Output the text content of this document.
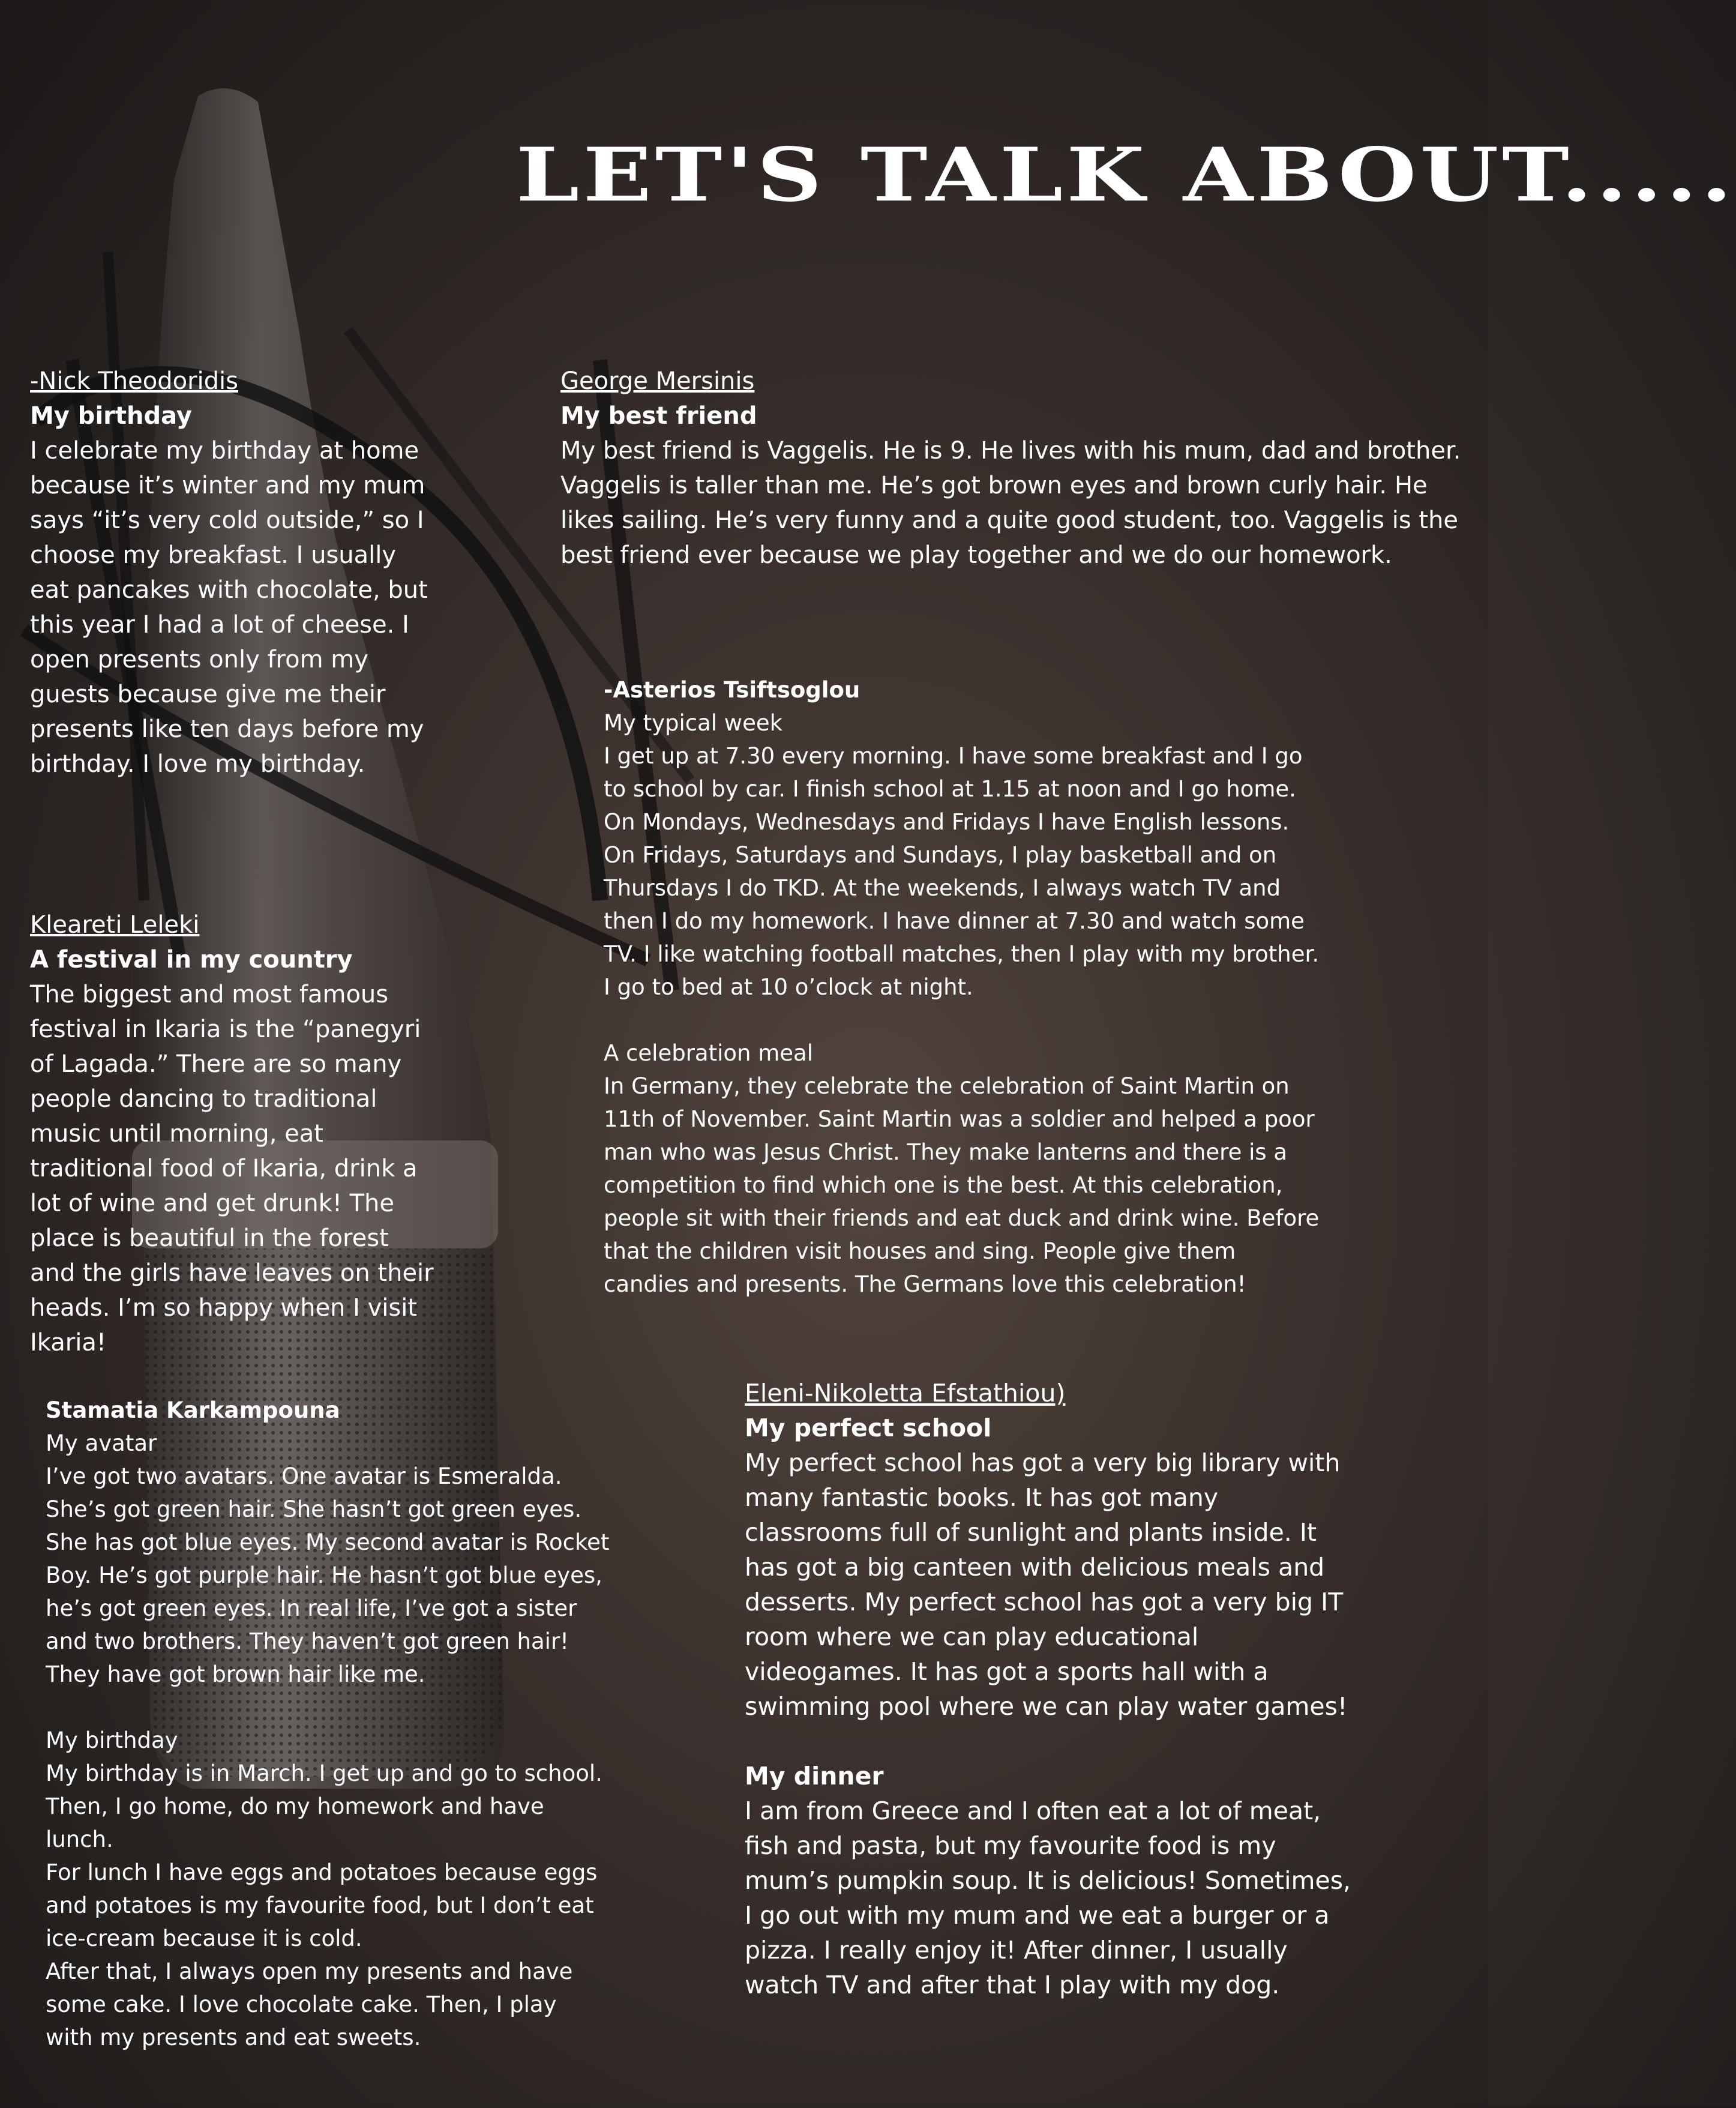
LET'S TALK ABOUT.....
-Nick Theodoridis
My birthday
I celebrate my birthday at home because it’s winter and my mum says “it’s very cold outside,” so I choose my breakfast. I usually eat pancakes with chocolate, but this year I had a lot of cheese. I open presents only from my guests because give me their presents like ten days before my birthday. I love my birthday.
George Mersinis
My best friend
My best friend is Vaggelis. He is 9. He lives with his mum, dad and brother. Vaggelis is taller than me. He’s got brown eyes and brown curly hair. He likes sailing. He’s very funny and a quite good student, too. Vaggelis is the best friend ever because we play together and we do our homework.
Kleareti Leleki
A festival in my country
The biggest and most famous festival in Ikaria is the “panegyri of Lagada.” There are so many people dancing to traditional music until morning, eat traditional food of Ikaria, drink a lot of wine and get drunk! The place is beautiful in the forest and the girls have leaves on their heads. I’m so happy when I visit Ikaria!
-Asterios Tsiftsoglou
My typical week
I get up at 7.30 every morning. I have some breakfast and I go to school by car. I finish school at 1.15 at noon and I go home. On Mondays, Wednesdays and Fridays I have English lessons. On Fridays, Saturdays and Sundays, I play basketball and on Thursdays I do TKD. At the weekends, I always watch TV and then I do my homework. I have dinner at 7.30 and watch some TV. I like watching football matches, then I play with my brother. I go to bed at 10 o’clock at night.
A celebration meal
In Germany, they celebrate the celebration of Saint Martin on 11th of November. Saint Martin was a soldier and helped a poor man who was Jesus Christ. They make lanterns and there is a competition to find which one is the best. At this celebration, people sit with their friends and eat duck and drink wine. Before that the children visit houses and sing. People give them candies and presents. The Germans love this celebration!
Stamatia Karkampouna
My avatar
I’ve got two avatars. One avatar is Esmeralda. She’s got green hair. She hasn’t got green eyes. She has got blue eyes. My second avatar is Rocket Boy. He’s got purple hair. He hasn’t got blue eyes, he’s got green eyes. In real life, I’ve got a sister and two brothers. They haven’t got green hair! They have got brown hair like me.
My birthday
My birthday is in March. I get up and go to school. Then, I go home, do my homework and have lunch.
For lunch I have eggs and potatoes because eggs and potatoes is my favourite food, but I don’t eat ice-cream because it is cold.
After that, I always open my presents and have some cake. I love chocolate cake. Then, I play with my presents and eat sweets.
Eleni-Nikoletta Efstathiou)
My perfect school
My perfect school has got a very big library with many fantastic books. It has got many classrooms full of sunlight and plants inside. It has got a big canteen with delicious meals and desserts. My perfect school has got a very big IT room where we can play educational videogames. It has got a sports hall with a swimming pool where we can play water games!
My dinner
I am from Greece and I often eat a lot of meat, fish and pasta, but my favourite food is my mum’s pumpkin soup. It is delicious! Sometimes, I go out with my mum and we eat a burger or a pizza. I really enjoy it! After dinner, I usually watch TV and after that I play with my dog.
